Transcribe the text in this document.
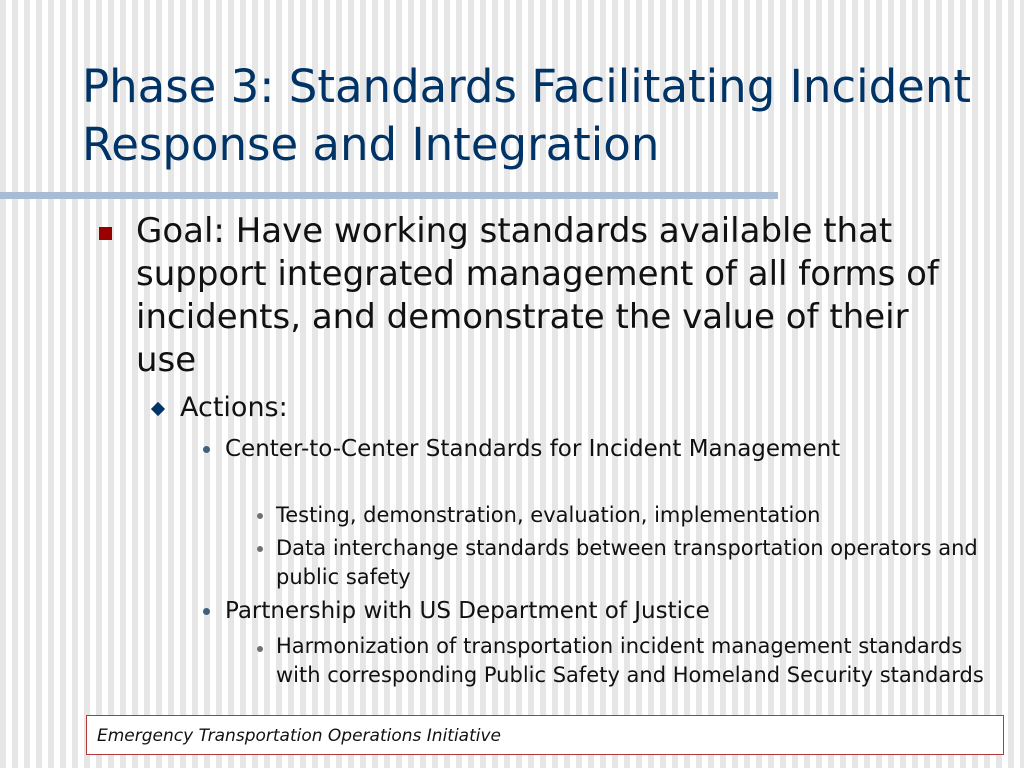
Phase 3: Standards Facilitating Incident Response and Integration
Goal: Have working standards available that support integrated management of all forms of incidents, and demonstrate the value of their use
Actions:
Center-to-Center Standards for Incident Management
Testing, demonstration, evaluation, implementation
Data interchange standards between transportation operators and public safety
Partnership with US Department of Justice
Harmonization of transportation incident management standards with corresponding Public Safety and Homeland Security standards
Emergency Transportation Operations Initiative
